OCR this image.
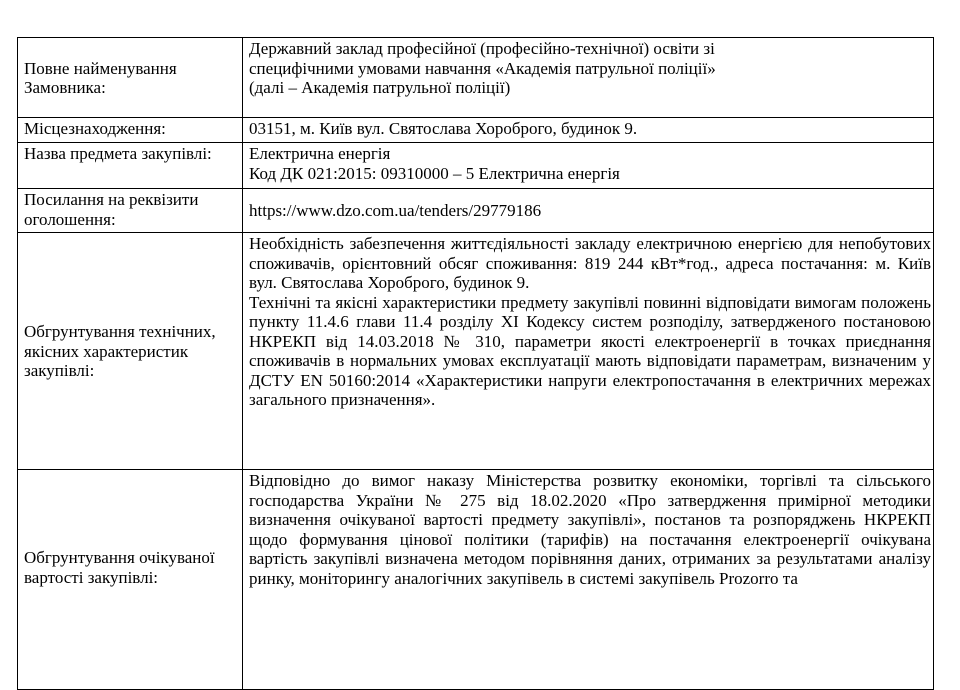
Повне найменування Замовника:	Державний заклад професійної (професійно-технічної) освіти зі
специфічними умовами навчання «Академія патрульної поліції»
(далі – Академія патрульної поліції)

Місцезнаходження:	03151, м. Київ вул. Святослава Хороброго, будинок 9.

Назва предмета закупівлі:	Електрична енергія
Код ДК 021:2015: 09310000 – 5 Електрична енергія

Посилання на реквізити оголошення:	https://www.dzo.com.ua/tenders/29779186

Обгрунтування технічних, якісних характеристик закупівлі:	Необхідність забезпечення життєдіяльності закладу електричною енергією для непобутових споживачів, орієнтовний обсяг споживання: 819 244 кВт*год., адреса постачання: м. Київ вул. Святослава Хороброго, будинок 9.
Технічні та якісні характеристики предмету закупівлі повинні відповідати вимогам положень пункту 11.4.6 глави 11.4 розділу XI Кодексу систем розподілу, затвердженого постановою НКРЕКП від 14.03.2018 № 310, параметри якості електроенергії в точках приєднання споживачів в нормальних умовах експлуатації мають відповідати параметрам, визначеним у ДСТУ EN 50160:2014 «Характеристики напруги електропостачання в електричних мережах загального призначення».

Обгрунтування очікуваної вартості закупівлі:	Відповідно до вимог наказу Міністерства розвитку економіки, торгівлі та сільського господарства України № 275 від 18.02.2020 «Про затвердження примірної методики визначення очікуваної вартості предмету закупівлі», постанов та розпоряджень НКРЕКП щодо формування цінової політики (тарифів) на постачання електроенергії очікувана вартість закупівлі визначена методом порівняння даних, отриманих за результатами аналізу ринку, моніторингу аналогічних закупівель в системі закупівель Prozorro та
